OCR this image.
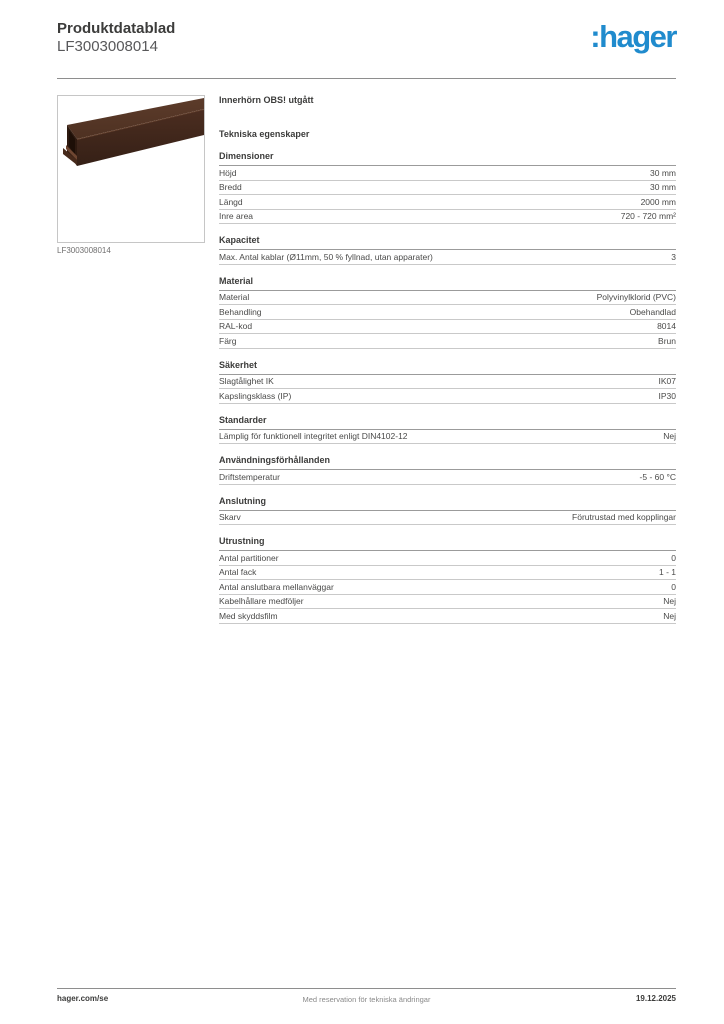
Produktdatablad
LF3003008014	:hager
LF3003008014
Innerhörn OBS! utgått
Tekniska egenskaper
Dimensioner
Höjd	30 mm
Bredd	30 mm
Längd	2000 mm
Inre area	720 - 720 mm²
Kapacitet
Max. Antal kablar (Ø11mm, 50 % fyllnad, utan apparater)	3
Material
Material	Polyvinylklorid (PVC)
Behandling	Obehandlad
RAL-kod	8014
Färg	Brun
Säkerhet
Slagtålighet IK	IK07
Kapslingsklass (IP)	IP30
Standarder
Lämplig för funktionell integritet enligt DIN4102-12	Nej
Användningsförhållanden
Driftstemperatur	-5 - 60 °C
Anslutning
Skarv	Förutrustad med kopplingar
Utrustning
Antal partitioner	0
Antal fack	1 - 1
Antal anslutbara mellanväggar	0
Kabelhållare medföljer	Nej
Med skyddsfilm	Nej
hager.com/se	Med reservation för tekniska ändringar	19.12.2025
